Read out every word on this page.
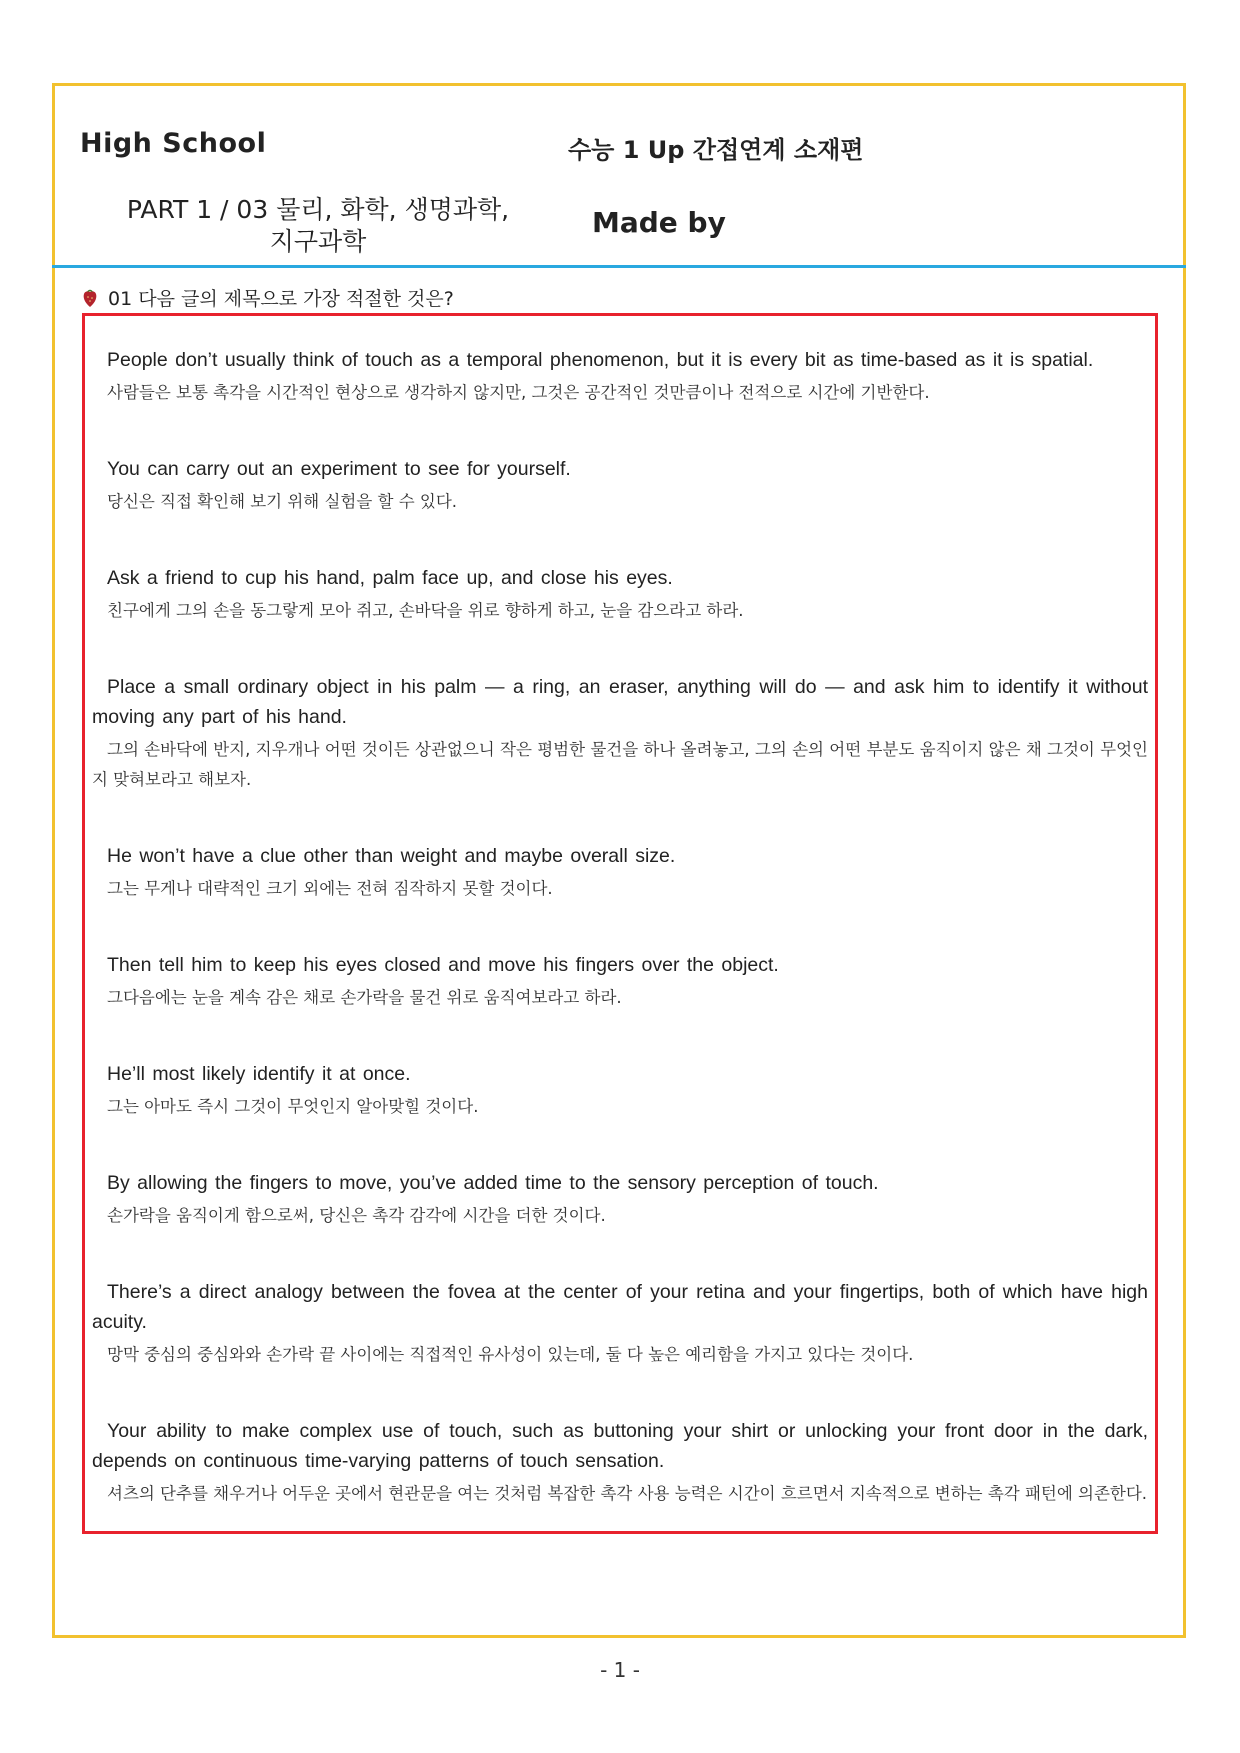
High School	수능 1 Up 간접연계 소재편
PART 1 / 03 물리, 화학, 생명과학,
지구과학
Made by
01 다음 글의 제목으로 가장 적절한 것은?

People don’t usually think of touch as a temporal phenomenon, but it is every bit as time-based as it is spatial.

사람들은 보통 촉각을 시간적인 현상으로 생각하지 않지만, 그것은 공간적인 것만큼이나 전적으로 시간에 기반한다.

You can carry out an experiment to see for yourself.

당신은 직접 확인해 보기 위해 실험을 할 수 있다.

Ask a friend to cup his hand, palm face up, and close his eyes.

친구에게 그의 손을 동그랗게 모아 쥐고, 손바닥을 위로 향하게 하고, 눈을 감으라고 하라.

Place a small ordinary object in his palm — a ring, an eraser, anything will do — and ask him to identify it without moving any part of his hand.

그의 손바닥에 반지, 지우개나 어떤 것이든 상관없으니 작은 평범한 물건을 하나 올려놓고, 그의 손의 어떤 부분도 움직이지 않은 채 그것이 무엇인지 맞혀보라고 해보자.

He won’t have a clue other than weight and maybe overall size.

그는 무게나 대략적인 크기 외에는 전혀 짐작하지 못할 것이다.

Then tell him to keep his eyes closed and move his fingers over the object.

그다음에는 눈을 계속 감은 채로 손가락을 물건 위로 움직여보라고 하라.

He’ll most likely identify it at once.

그는 아마도 즉시 그것이 무엇인지 알아맞힐 것이다.

By allowing the fingers to move, you’ve added time to the sensory perception of touch.

손가락을 움직이게 함으로써, 당신은 촉각 감각에 시간을 더한 것이다.

There’s a direct analogy between the fovea at the center of your retina and your fingertips, both of which have high acuity.

망막 중심의 중심와와 손가락 끝 사이에는 직접적인 유사성이 있는데, 둘 다 높은 예리함을 가지고 있다는 것이다.

Your ability to make complex use of touch, such as buttoning your shirt or unlocking your front door in the dark, depends on continuous time-varying patterns of touch sensation.

셔츠의 단추를 채우거나 어두운 곳에서 현관문을 여는 것처럼 복잡한 촉각 사용 능력은 시간이 흐르면서 지속적으로 변하는 촉각 패턴에 의존한다.

- 1 -
